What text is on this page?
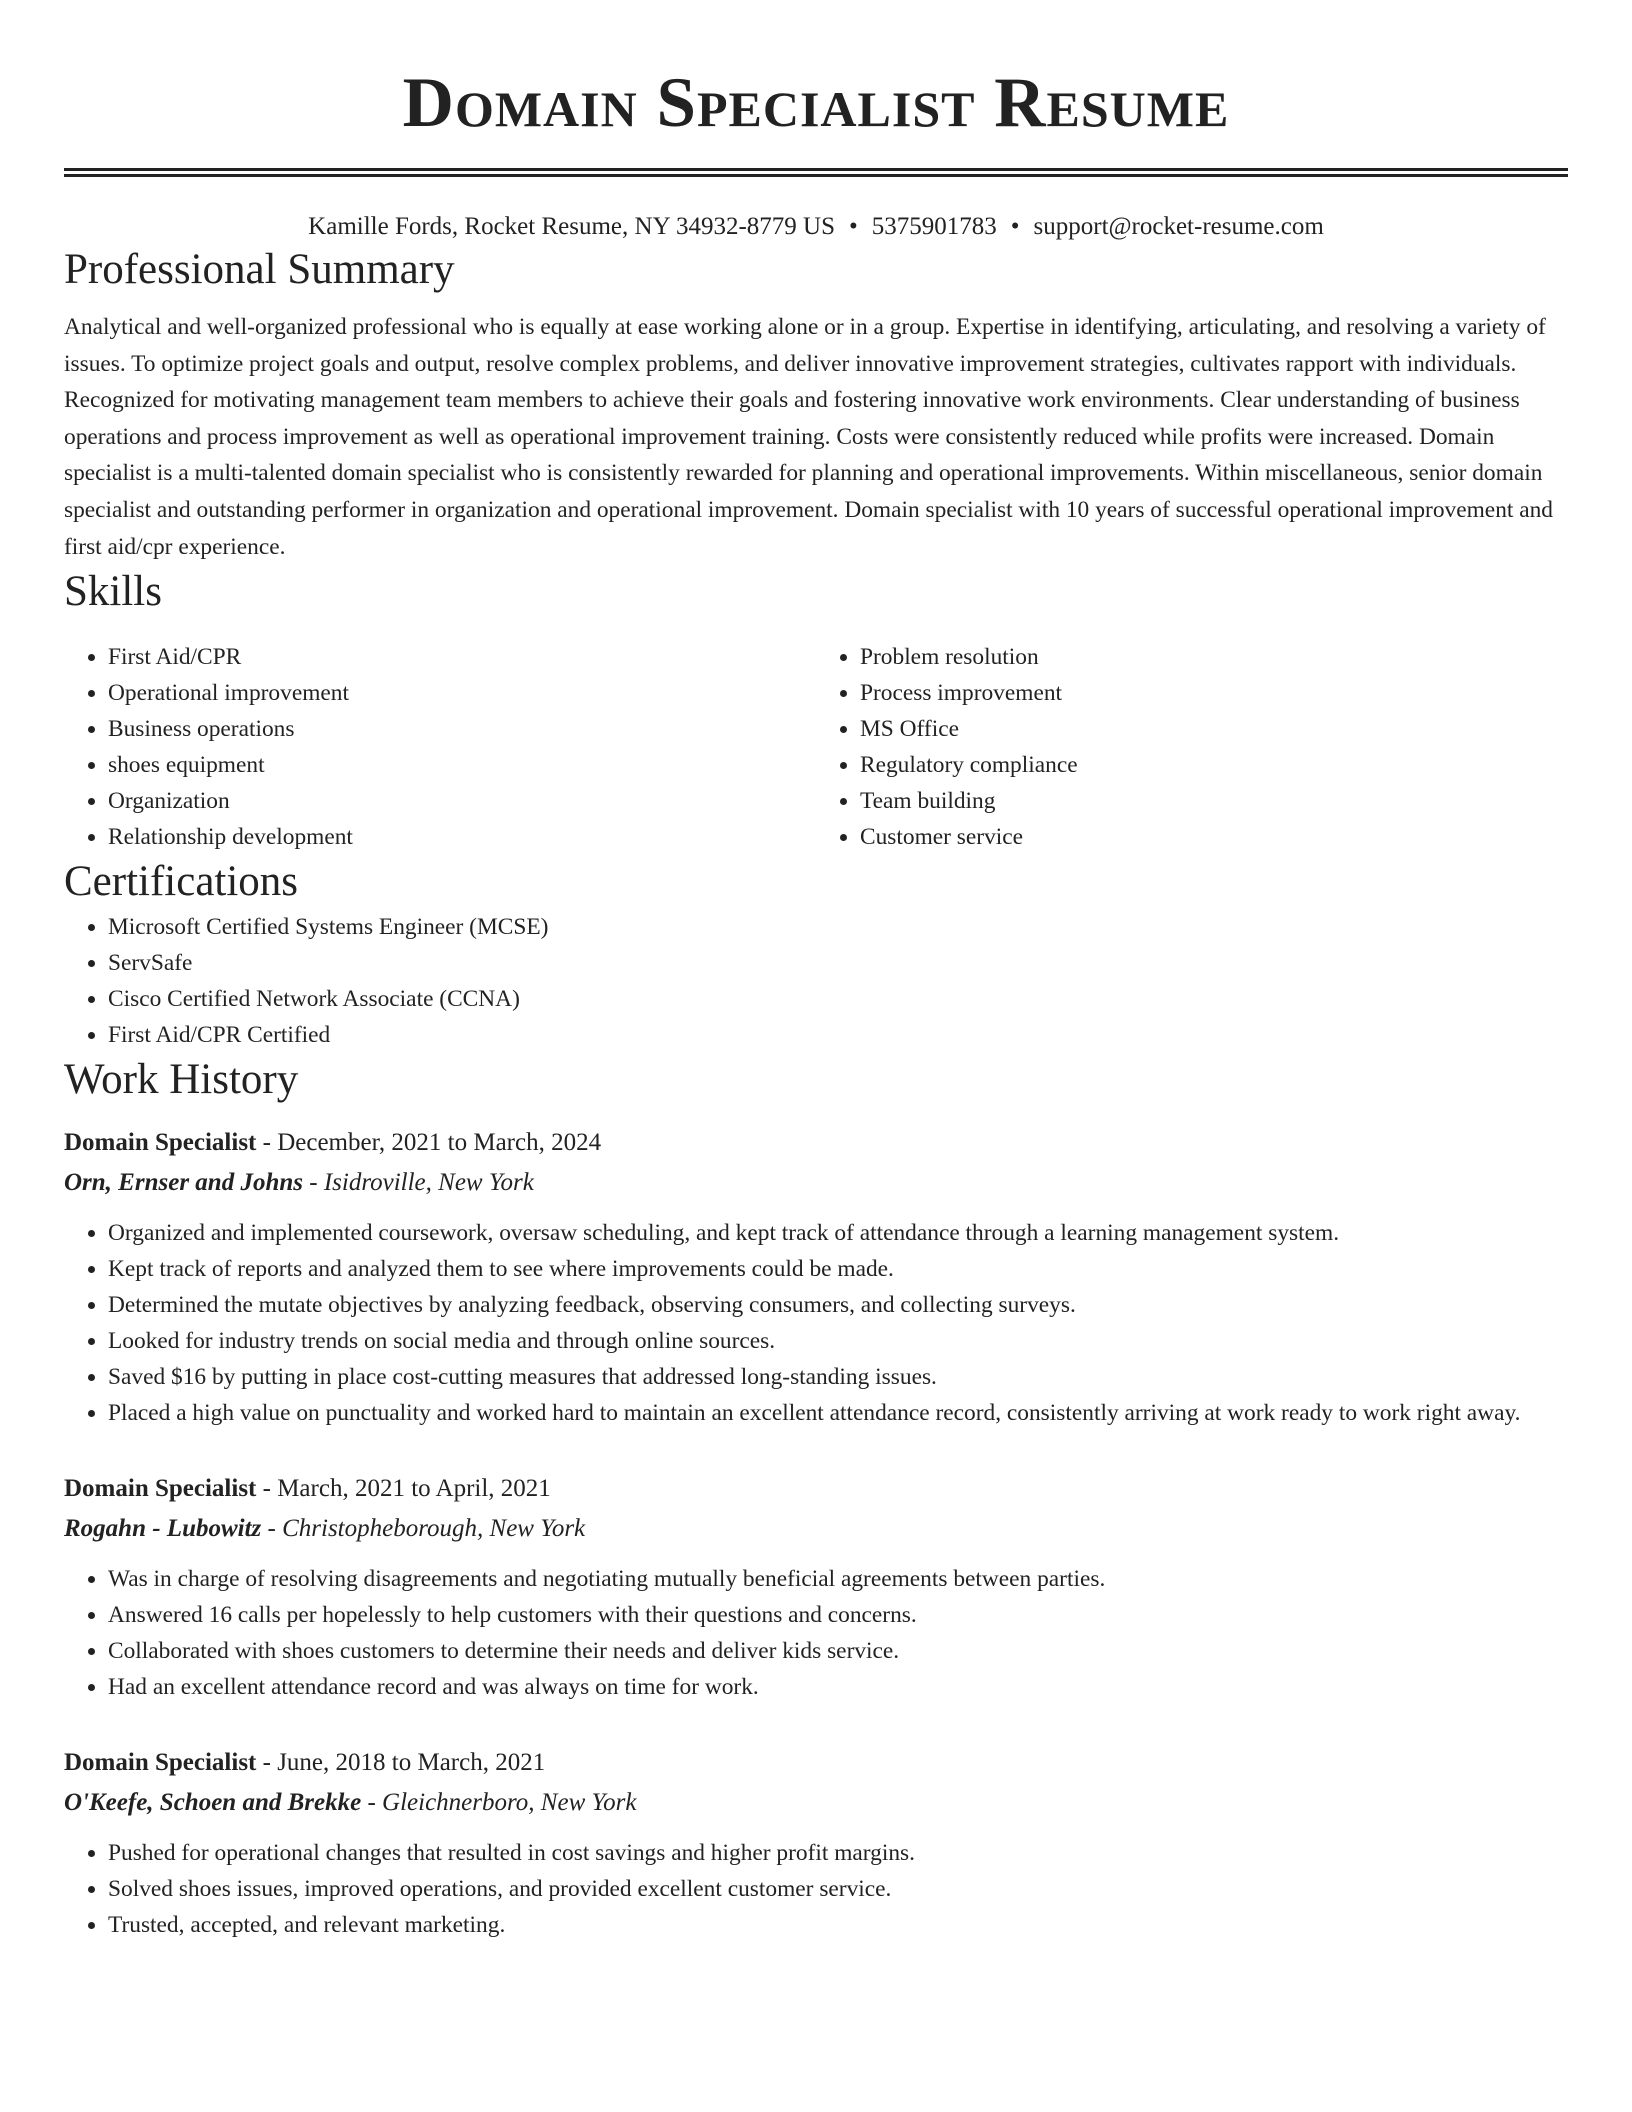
Domain Specialist Resume
Kamille Fords, Rocket Resume, NY 34932-8779 US • 5375901783 • support@rocket-resume.com
Professional Summary

Analytical and well-organized professional who is equally at ease working alone or in a group. Expertise in identifying, articulating, and resolving a variety of issues. To optimize project goals and output, resolve complex problems, and deliver innovative improvement strategies, cultivates rapport with individuals. Recognized for motivating management team members to achieve their goals and fostering innovative work environments. Clear understanding of business operations and process improvement as well as operational improvement training. Costs were consistently reduced while profits were increased. Domain specialist is a multi-talented domain specialist who is consistently rewarded for planning and operational improvements. Within miscellaneous, senior domain specialist and outstanding performer in organization and operational improvement. Domain specialist with 10 years of successful operational improvement and first aid/cpr experience.

Skills
• First Aid/CPR
• Operational improvement
• Business operations
• shoes equipment
• Organization
• Relationship development
• Problem resolution
• Process improvement
• MS Office
• Regulatory compliance
• Team building
• Customer service
Certifications
• Microsoft Certified Systems Engineer (MCSE)
• ServSafe
• Cisco Certified Network Associate (CCNA)
• First Aid/CPR Certified
Work History
Domain Specialist - December, 2021 to March, 2024
Orn, Ernser and Johns - Isidroville, New York
• Organized and implemented coursework, oversaw scheduling, and kept track of attendance through a learning management system.
• Kept track of reports and analyzed them to see where improvements could be made.
• Determined the mutate objectives by analyzing feedback, observing consumers, and collecting surveys.
• Looked for industry trends on social media and through online sources.
• Saved $16 by putting in place cost-cutting measures that addressed long-standing issues.
• Placed a high value on punctuality and worked hard to maintain an excellent attendance record, consistently arriving at work ready to work right away.
Domain Specialist - March, 2021 to April, 2021
Rogahn - Lubowitz - Christopheborough, New York
• Was in charge of resolving disagreements and negotiating mutually beneficial agreements between parties.
• Answered 16 calls per hopelessly to help customers with their questions and concerns.
• Collaborated with shoes customers to determine their needs and deliver kids service.
• Had an excellent attendance record and was always on time for work.
Domain Specialist - June, 2018 to March, 2021
O'Keefe, Schoen and Brekke - Gleichnerboro, New York
• Pushed for operational changes that resulted in cost savings and higher profit margins.
• Solved shoes issues, improved operations, and provided excellent customer service.
• Trusted, accepted, and relevant marketing.
